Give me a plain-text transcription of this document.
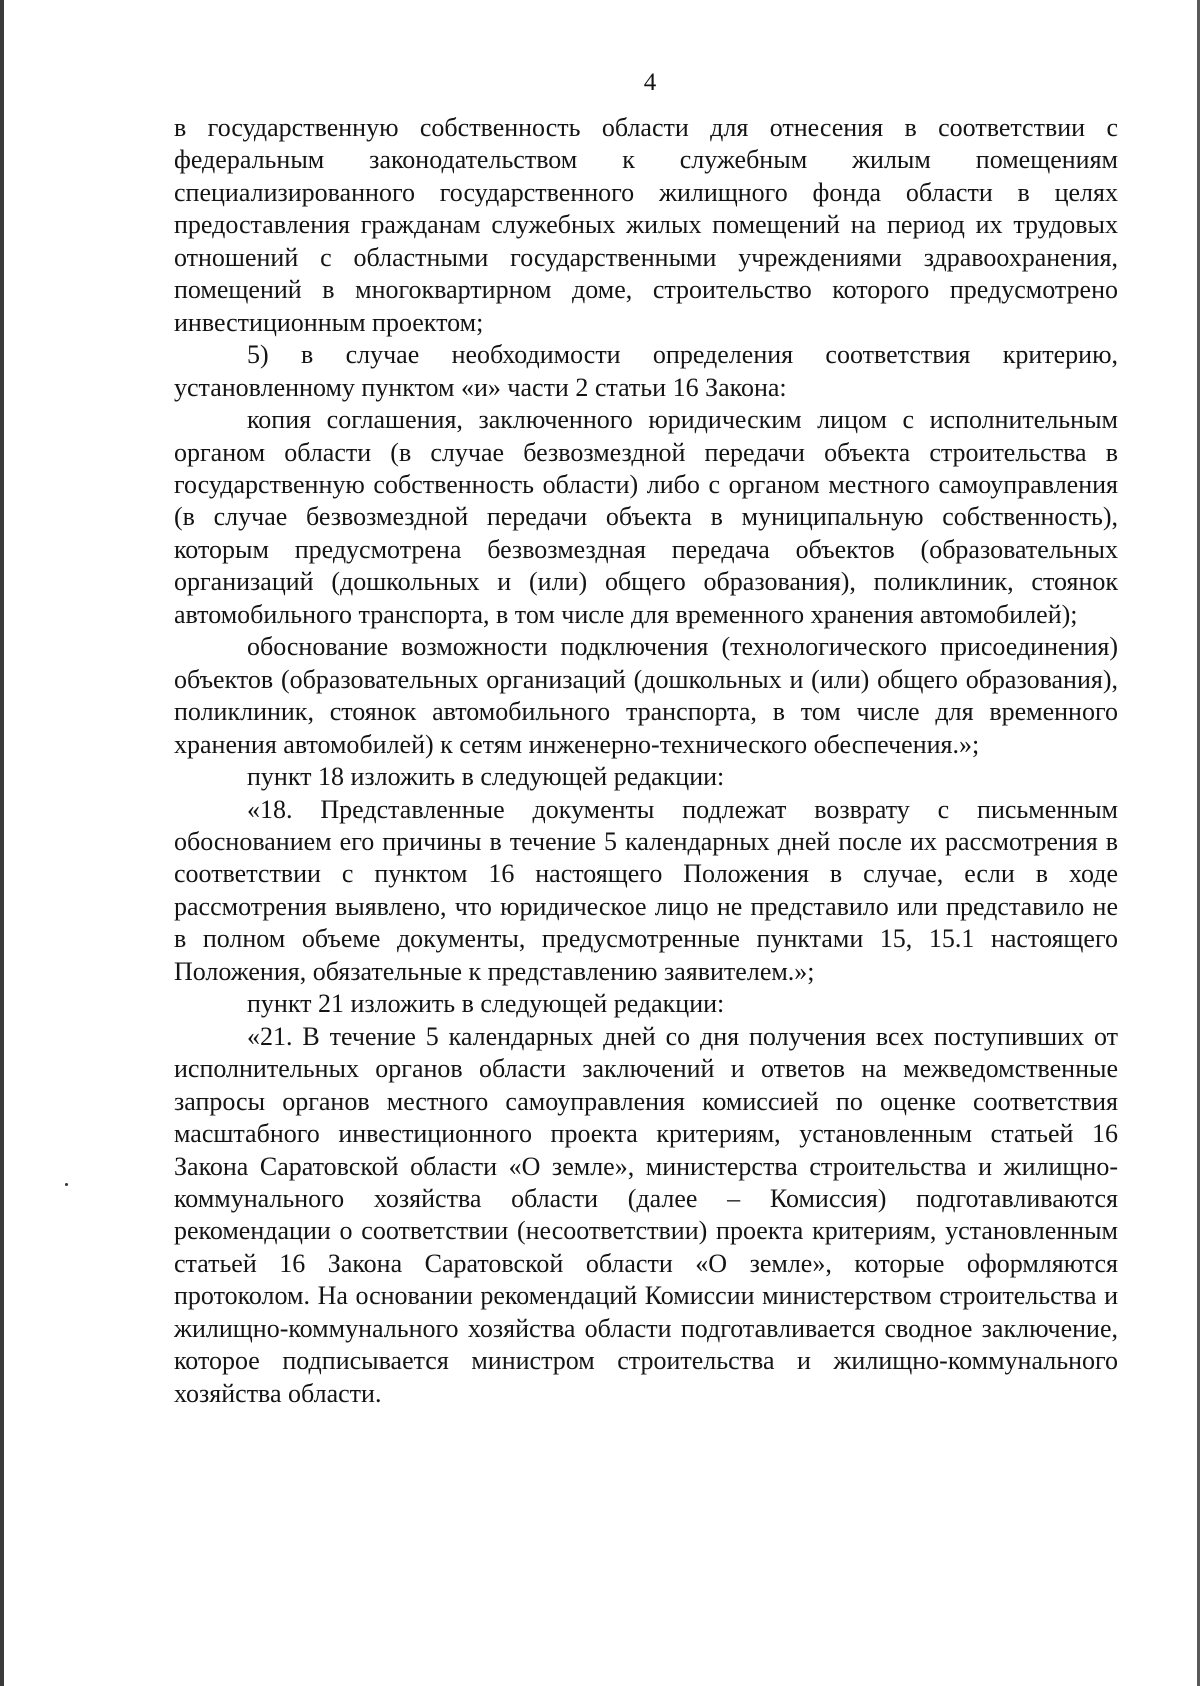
4

в государственную собственность области для отнесения в соответствии с федеральным законодательством к служебным жилым помещениям специализированного государственного жилищного фонда области в целях предоставления гражданам служебных жилых помещений на период их трудовых отношений с областными государственными учреждениями здравоохранения, помещений в многоквартирном доме, строительство которого предусмотрено инвестиционным проектом;

5) в случае необходимости определения соответствия критерию, установленному пунктом «и» части 2 статьи 16 Закона:

копия соглашения, заключенного юридическим лицом с исполнительным органом области (в случае безвозмездной передачи объекта строительства в государственную собственность области) либо с органом местного самоуправления (в случае безвозмездной передачи объекта в муниципальную собственность), которым предусмотрена безвозмездная передача объектов (образовательных организаций (дошкольных и (или) общего образования), поликлиник, стоянок автомобильного транспорта, в том числе для временного хранения автомобилей);

обоснование возможности подключения (технологического присоединения) объектов (образовательных организаций (дошкольных и (или) общего образования), поликлиник, стоянок автомобильного транспорта, в том числе для временного хранения автомобилей) к сетям инженерно-технического обеспечения.»;

пункт 18 изложить в следующей редакции:

«18. Представленные документы подлежат возврату с письменным обоснованием его причины в течение 5 календарных дней после их рассмотрения в соответствии с пунктом 16 настоящего Положения в случае, если в ходе рассмотрения выявлено, что юридическое лицо не представило или представило не в полном объеме документы, предусмотренные пунктами 15, 15.1 настоящего Положения, обязательные к представлению заявителем.»;

пункт 21 изложить в следующей редакции:

«21. В течение 5 календарных дней со дня получения всех поступивших от исполнительных органов области заключений и ответов на межведомственные запросы органов местного самоуправления комиссией по оценке соответствия масштабного инвестиционного проекта критериям, установленным статьей 16 Закона Саратовской области «О земле», министерства строительства и жилищно-коммунального хозяйства области (далее – Комиссия) подготавливаются рекомендации о соответствии (несоответствии) проекта критериям, установленным статьей 16 Закона Саратовской области «О земле», которые оформляются протоколом. На основании рекомендаций Комиссии министерством строительства и жилищно-коммунального хозяйства области подготавливается сводное заключение, которое подписывается министром строительства и жилищно-коммунального хозяйства области.
